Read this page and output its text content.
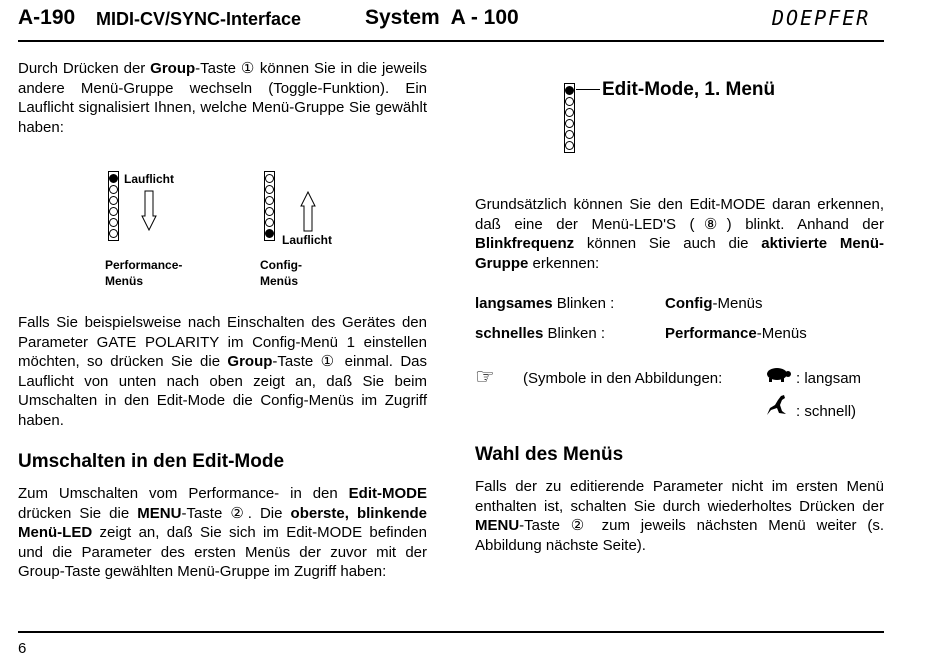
A-190 MIDI-CV/SYNC-Interface	System  A - 100	DOEPFER
Durch Drücken der Group-Taste ① können Sie in die jeweils andere Menü-Gruppe wechseln (Toggle-Funktion). Ein Lauflicht signalisiert Ihnen, welche Menü-Gruppe Sie gewählt haben:
Lauflicht
Lauflicht
Performance-
Menüs
Config-
Menüs
Falls Sie beispielsweise nach Einschalten des Gerätes den Parameter GATE POLARITY im Config-Menü 1 einstellen möchten, so drücken Sie die Group-Taste ① einmal. Das Lauflicht von unten nach oben zeigt an, daß Sie beim Umschalten in den Edit-Mode die Config-Menüs im Zugriff haben.
Umschalten in den Edit-Mode
Zum Umschalten vom Performance- in den Edit-MODE drücken Sie die MENU-Taste ②. Die oberste, blinkende Menü-LED zeigt an, daß Sie sich im Edit-MODE befinden und die Parameter des ersten Menüs der zuvor mit der Group-Taste gewählten Menü-Gruppe im Zugriff haben:
Edit-Mode, 1. Menü
Grundsätzlich können Sie den Edit-MODE daran erkennen, daß eine der Menü-LED'S (⑧) blinkt. Anhand der Blinkfrequenz können Sie auch die aktivierte Menü-Gruppe erkennen:
langsames Blinken :	Config-Menüs
schnelles Blinken :	Performance-Menüs
☞ (Symbole in den Abbildungen:	: langsam
: schnell)
Wahl des Menüs
Falls der zu editierende Parameter nicht im ersten Menü enthalten ist, schalten Sie durch wiederholtes Drücken der MENU-Taste ② zum jeweils nächsten Menü weiter (s. Abbildung nächste Seite).
6
